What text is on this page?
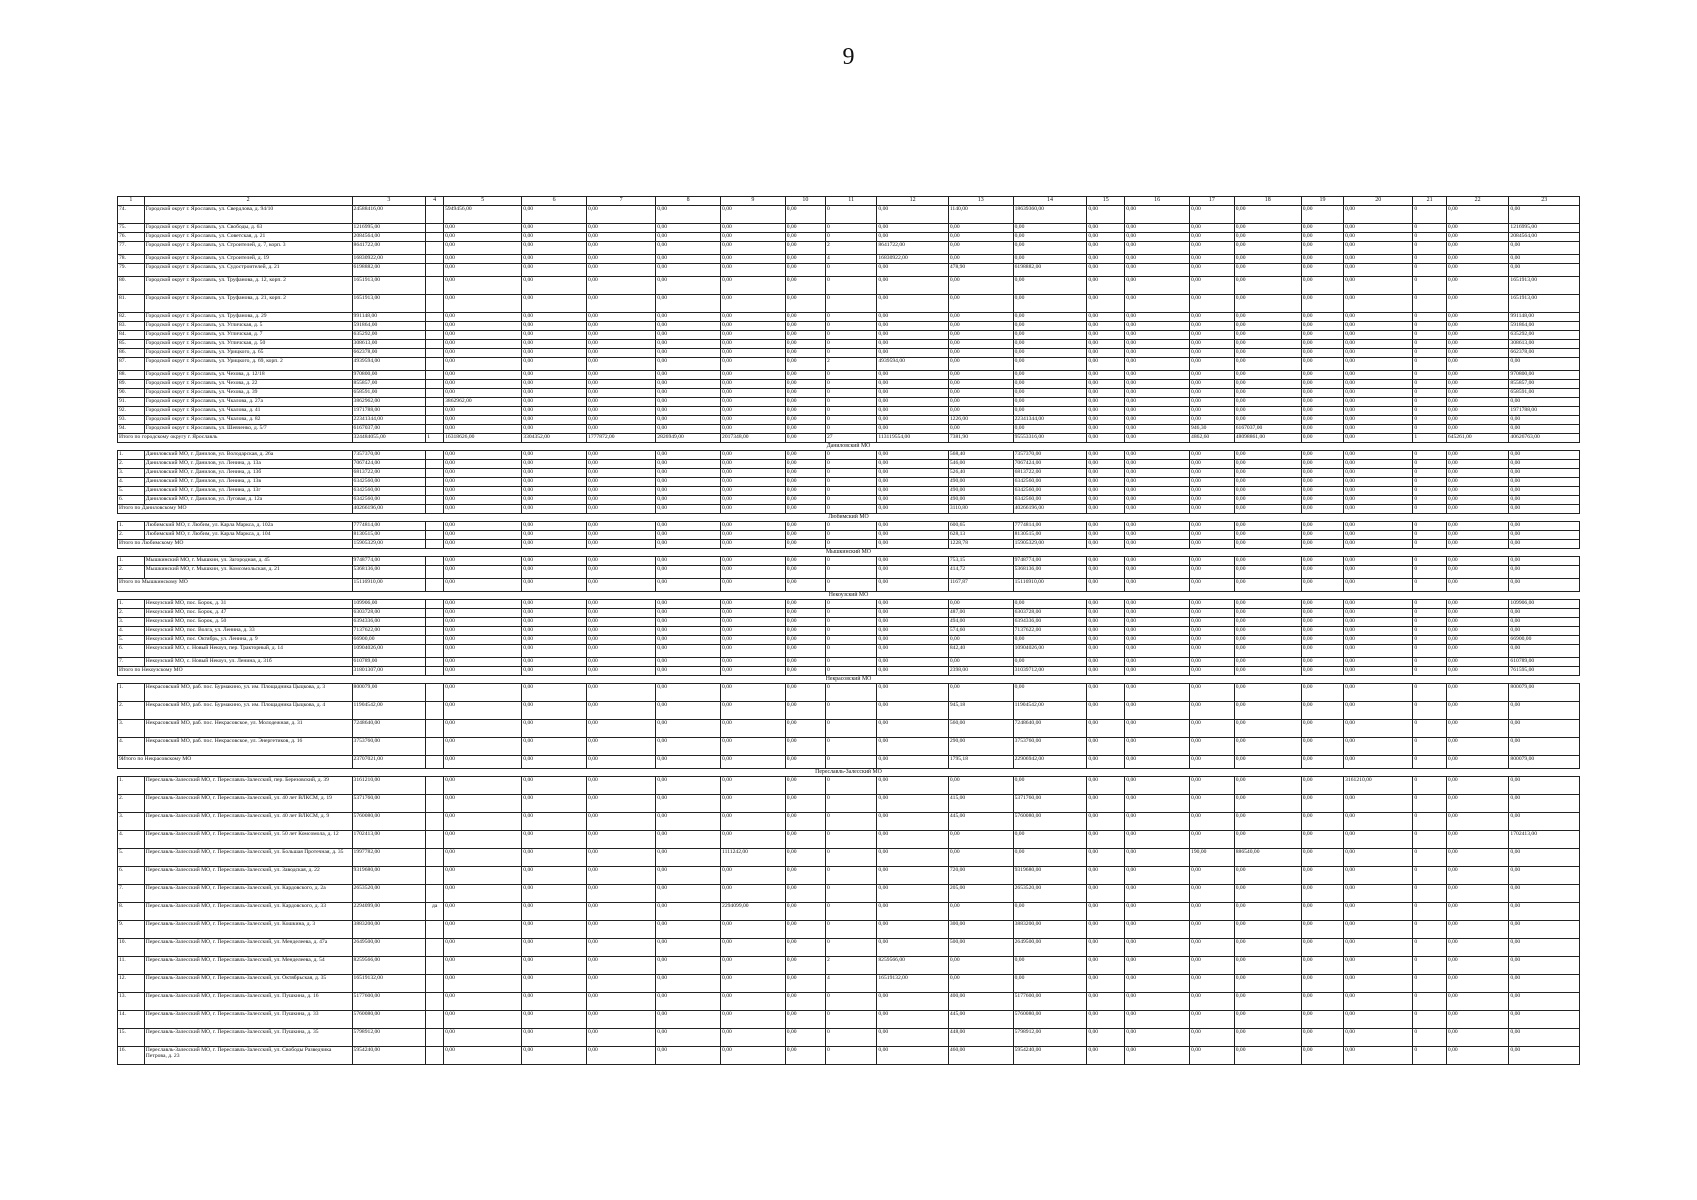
9
1	2	3	4	5	6	7	8	9	10	11	12	13	14	15	16	17	18	19	20	21	22	23
74.	Городской округ г. Ярославль, ул. Свердлова, д. 94/10	24588416,00		5949456,00	0,00	0,00	0,00	0,00	0,00	0	0,00	1140,00	18639360,00	0,00	0,00	0,00	0,00	0,00	0,00	0	0,00	0,00
75.	Городской округ г. Ярославль, ул. Свободы, д. 63	1216995,00		0,00	0,00	0,00	0,00	0,00	0,00	0	0,00	0,00	0,00	0,00	0,00	0,00	0,00	0,00	0,00	0	0,00	1216995,00
76.	Городской округ г. Ярославль, ул. Советская, д. 21	2084564,00		0,00	0,00	0,00	0,00	0,00	0,00	0	0,00	0,00	0,00	0,00	0,00	0,00	0,00	0,00	0,00	0	0,00	2084564,00
77.	Городской округ г. Ярославль, ул. Строителей, д. 7, корп. 3	8641722,00		0,00	0,00	0,00	0,00	0,00	0,00	2	8641722,00	0,00	0,00	0,00	0,00	0,00	0,00	0,00	0,00	0	0,00	0,00
78.	Городской округ г. Ярославль, ул. Строителей, д. 19	16830922,00		0,00	0,00	0,00	0,00	0,00	0,00	4	16830922,00	0,00	0,00	0,00	0,00	0,00	0,00	0,00	0,00	0	0,00	0,00
79.	Городской округ г. Ярославль, ул. Судостроителей, д. 21	6198882,00		0,00	0,00	0,00	0,00	0,00	0,00	0	0,00	478,90	6198882,00	0,00	0,00	0,00	0,00	0,00	0,00	0	0,00	0,00
80.	Городской округ г. Ярославль, ул. Труфанова, д. 12, корп. 2	1651913,00		0,00	0,00	0,00	0,00	0,00	0,00	0	0,00	0,00	0,00	0,00	0,00	0,00	0,00	0,00	0,00	0	0,00	1651913,00
81.	Городской округ г. Ярославль, ул. Труфанова, д. 21, корп. 2	1651913,00		0,00	0,00	0,00	0,00	0,00	0,00	0	0,00	0,00	0,00	0,00	0,00	0,00	0,00	0,00	0,00	0	0,00	1651913,00
82.	Городской округ г. Ярославль, ул. Труфанова, д. 29	991148,00		0,00	0,00	0,00	0,00	0,00	0,00	0	0,00	0,00	0,00	0,00	0,00	0,00	0,00	0,00	0,00	0	0,00	991148,00
83.	Городской округ г. Ярославль, ул. Угличская, д. 5	591864,00		0,00	0,00	0,00	0,00	0,00	0,00	0	0,00	0,00	0,00	0,00	0,00	0,00	0,00	0,00	0,00	0	0,00	591864,00
84.	Городской округ г. Ярославль, ул. Угличская, д. 7	635292,00		0,00	0,00	0,00	0,00	0,00	0,00	0	0,00	0,00	0,00	0,00	0,00	0,00	0,00	0,00	0,00	0	0,00	635292,00
85.	Городской округ г. Ярославль, ул. Угличская, д. 50	308613,00		0,00	0,00	0,00	0,00	0,00	0,00	0	0,00	0,00	0,00	0,00	0,00	0,00	0,00	0,00	0,00	0	0,00	308613,00
86.	Городской округ г. Ярославль, ул. Урицкого, д. 65	662378,00		0,00	0,00	0,00	0,00	0,00	0,00	0	0,00	0,00	0,00	0,00	0,00	0,00	0,00	0,00	0,00	0	0,00	662378,00
87.	Городской округ г. Ярославль, ул. Урицкого, д. 69, корп. 2	4939594,00		0,00	0,00	0,00	0,00	0,00	0,00	2	4939594,00	0,00	0,00	0,00	0,00	0,00	0,00	0,00	0,00	0	0,00	0,00
88.	Городской округ г. Ярославль, ул. Чехова, д. 12/18	970800,00		0,00	0,00	0,00	0,00	0,00	0,00	0	0,00	0,00	0,00	0,00	0,00	0,00	0,00	0,00	0,00	0	0,00	970800,00
89.	Городской округ г. Ярославль, ул. Чехова, д. 22	855857,00		0,00	0,00	0,00	0,00	0,00	0,00	0	0,00	0,00	0,00	0,00	0,00	0,00	0,00	0,00	0,00	0	0,00	855857,00
90.	Городской округ г. Ярославль, ул. Чехова, д. 39	658591,00		0,00	0,00	0,00	0,00	0,00	0,00	0	0,00	0,00	0,00	0,00	0,00	0,00	0,00	0,00	0,00	0	0,00	658591,00
91.	Городской округ г. Ярославль, ул. Чкалова, д. 27а	3862962,00		3862962,00	0,00	0,00	0,00	0,00	0,00	0	0,00	0,00	0,00	0,00	0,00	0,00	0,00	0,00	0,00	0	0,00	0,00
92.	Городской округ г. Ярославль, ул. Чкалова, д. 41	1971788,00		0,00	0,00	0,00	0,00	0,00	0,00	0	0,00	0,00	0,00	0,00	0,00	0,00	0,00	0,00	0,00	0	0,00	1971788,00
93.	Городской округ г. Ярославль, ул. Чкалова, д. 82	22341344,00		0,00	0,00	0,00	0,00	0,00	0,00	0	0,00	1226,00	22341344,00	0,00	0,00	0,00	0,00	0,00	0,00	0	0,00	0,00
94.	Городской округ г. Ярославль, ул. Шевченко, д. 5/7	6167037,00		0,00	0,00	0,00	0,00	0,00	0,00	0	0,00	0,00	0,00	0,00	0,00	946,30	6167037,00	0,00	0,00	0	0,00	0,00
Итого по городскому округу г. Ярославль		324484055,00	1	16318626,00	3304352,00	1777872,00	2826949,00	2017348,00	0,00	27	113119554,00	7381,90	95553316,00	0,00	0,00	4862,60	48098861,00	0,00	0,00	1	645261,00	40626763,00
Даниловский МО																						
1.	Даниловский МО, г. Данилов, ул. Володарская, д. 26а	7357370,00		0,00	0,00	0,00	0,00	0,00	0,00	0	0,00	568,40	7357370,00	0,00	0,00	0,00	0,00	0,00	0,00	0	0,00	0,00
2.	Даниловский МО, г. Данилов, ул. Ленина, д. 13а	7067424,00		0,00	0,00	0,00	0,00	0,00	0,00	0	0,00	546,00	7067424,00	0,00	0,00	0,00	0,00	0,00	0,00	0	0,00	0,00
3.	Даниловский МО, г. Данилов, ул. Ленина, д. 13б	6813722,00		0,00	0,00	0,00	0,00	0,00	0,00	0	0,00	526,40	6813722,00	0,00	0,00	0,00	0,00	0,00	0,00	0	0,00	0,00
4.	Даниловский МО, г. Данилов, ул. Ленина, д. 13в	6342560,00		0,00	0,00	0,00	0,00	0,00	0,00	0	0,00	490,00	6342560,00	0,00	0,00	0,00	0,00	0,00	0,00	0	0,00	0,00
5.	Даниловский МО, г. Данилов, ул. Ленина, д. 13г	6342560,00		0,00	0,00	0,00	0,00	0,00	0,00	0	0,00	490,00	6342560,00	0,00	0,00	0,00	0,00	0,00	0,00	0	0,00	0,00
6.	Даниловский МО, г. Данилов, ул. Луговая, д. 12а	6342560,00		0,00	0,00	0,00	0,00	0,00	0,00	0	0,00	490,00	6342560,00	0,00	0,00	0,00	0,00	0,00	0,00	0	0,00	0,00
Итого по Даниловскому МО		40266196,00		0,00	0,00	0,00	0,00	0,00	0,00	0	0,00	3110,80	40266196,00	0,00	0,00	0,00	0,00	0,00	0,00	0	0,00	0,00
Любимский МО																						
1.	Любимский МО, г. Любим, ул. Карла Маркса, д. 102а	7774814,00		0,00	0,00	0,00	0,00	0,00	0,00	0	0,00	600,65	7774814,00	0,00	0,00	0,00	0,00	0,00	0,00	0	0,00	0,00
2.	Любимский МО, г. Любим, ул. Карла Маркса, д. 104	8130515,00		0,00	0,00	0,00	0,00	0,00	0,00	0	0,00	628,13	8130515,00	0,00	0,00	0,00	0,00	0,00	0,00	0	0,00	0,00
Итого по Любимскому МО		15905329,00		0,00	0,00	0,00	0,00	0,00	0,00	0	0,00	1228,78	15905329,00	0,00	0,00	0,00	0,00	0,00	0,00	0	0,00	0,00
Мышкинский МО																						
1.	Мышкинский МО, г. Мышкин, ул. Загородная, д. 45	9748774,00		0,00	0,00	0,00	0,00	0,00	0,00	0	0,00	753,15	9748774,00	0,00	0,00	0,00	0,00	0,00	0,00	0	0,00	0,00
2.	Мышкинский МО, г. Мышкин, ул. Комсомольская, д. 21	5368136,00		0,00	0,00	0,00	0,00	0,00	0,00	0	0,00	414,72	5368136,00	0,00	0,00	0,00	0,00	0,00	0,00	0	0,00	0,00
Итого по Мышкинскому МО		15116910,00		0,00	0,00	0,00	0,00	0,00	0,00	0	0,00	1167,87	15116910,00	0,00	0,00	0,00	0,00	0,00	0,00	0	0,00	0,00
Некоузский МО																						
1.	Некоузский МО, пос. Борок, д. 31	109906,00		0,00	0,00	0,00	0,00	0,00	0,00	0	0,00	0,00	0,00	0,00	0,00	0,00	0,00	0,00	0,00	0	0,00	109906,00
2.	Некоузский МО, пос. Борок, д. 47	6303728,00		0,00	0,00	0,00	0,00	0,00	0,00	0	0,00	487,00	6303728,00	0,00	0,00	0,00	0,00	0,00	0,00	0	0,00	0,00
3.	Некоузский МО, пос. Борок, д. 50	6394336,00		0,00	0,00	0,00	0,00	0,00	0,00	0	0,00	494,00	6394336,00	0,00	0,00	0,00	0,00	0,00	0,00	0	0,00	0,00
4.	Некоузский МО, пос. Волга, ул. Ленина, д. 33	7137622,00		0,00	0,00	0,00	0,00	0,00	0,00	0	0,00	574,60	7137622,00	0,00	0,00	0,00	0,00	0,00	0,00	0	0,00	0,00
5.	Некоузский МО, пос. Октябрь, ул. Ленина, д. 9	66900,00		0,00	0,00	0,00	0,00	0,00	0,00	0	0,00	0,00	0,00	0,00	0,00	0,00	0,00	0,00	0,00	0	0,00	66900,00
6.	Некоузский МО, с. Новый Некоуз, пер. Тракторный, д. 14	10904026,00		0,00	0,00	0,00	0,00	0,00	0,00	0	0,00	842,40	10904026,00	0,00	0,00	0,00	0,00	0,00	0,00	0	0,00	0,00
7.	Некоузский МО, с. Новый Некоуз, ул. Ленина, д. 31б	610789,00		0,00	0,00	0,00	0,00	0,00	0,00	0	0,00	0,00	0,00	0,00	0,00	0,00	0,00	0,00	0,00	0	0,00	610789,00
Итого по Некоузскому МО		31801307,00		0,00	0,00	0,00	0,00	0,00	0,00	0	0,00	2398,00	31039712,00	0,00	0,00	0,00	0,00	0,00	0,00	0	0,00	761595,00
Некрасовский МО																						
1.	Некрасовский МО, раб. пос. Бурмакино, ул. им. Площадника Цыцкова, д. 3	800079,00		0,00	0,00	0,00	0,00	0,00	0,00	0	0,00	0,00	0,00	0,00	0,00	0,00	0,00	0,00	0,00	0	0,00	800079,00
2.	Некрасовский МО, раб. пос. Бурмакино, ул. им. Площадника Цыцкова, д. 4	11904542,00		0,00	0,00	0,00	0,00	0,00	0,00	0	0,00	945,18	11904542,00	0,00	0,00	0,00	0,00	0,00	0,00	0	0,00	0,00
3.	Некрасовский МО, раб. пос. Некрасовское, ул. Молодежная, д. 31	7248640,00		0,00	0,00	0,00	0,00	0,00	0,00	0	0,00	560,00	7248640,00	0,00	0,00	0,00	0,00	0,00	0,00	0	0,00	0,00
4.	Некрасовский МО, раб. пос. Некрасовское, ул. Энергетиков, д. 16	3753760,00		0,00	0,00	0,00	0,00	0,00	0,00	0	0,00	290,00	3753760,00	0,00	0,00	0,00	0,00	0,00	0,00	0	0,00	0,00
9Итого по Некрасовскому МО		23707021,00		0,00	0,00	0,00	0,00	0,00	0,00	0	0,00	1795,18	22906942,00	0,00	0,00	0,00	0,00	0,00	0,00	0	0,00	800079,00
Переславль-Залесский МО																						
1.	Переславль-Залесский МО, г. Переславль-Залесский, пер. Березовский, д. 39	3161210,00		0,00	0,00	0,00	0,00	0,00	0,00	0	0,00	0,00	0,00	0,00	0,00	0,00	0,00	0,00	3161210,00	0	0,00	0,00
2.	Переславль-Залесский МО, г. Переславль-Залесский, ул. 40 лет ВЛКСМ, д. 19	5371760,00		0,00	0,00	0,00	0,00	0,00	0,00	0	0,00	415,00	5371760,00	0,00	0,00	0,00	0,00	0,00	0,00	0	0,00	0,00
3.	Переславль-Залесский МО, г. Переславль-Залесский, ул. 40 лет ВЛКСМ, д. 9	5760080,00		0,00	0,00	0,00	0,00	0,00	0,00	0	0,00	445,00	5760080,00	0,00	0,00	0,00	0,00	0,00	0,00	0	0,00	0,00
4.	Переславль-Залесский МО, г. Переславль-Залесский, ул. 50 лет Комсомола, д. 12	1702413,00		0,00	0,00	0,00	0,00	0,00	0,00	0	0,00	0,00	0,00	0,00	0,00	0,00	0,00	0,00	0,00	0	0,00	1702413,00
5.	Переславль-Залесский МО, г. Переславль-Залесский, ул. Большая Протечная, д. 35	1997782,00		0,00	0,00	0,00	0,00	1111242,00	0,00	0	0,00	0,00	0,00	0,00	0,00	190,00	886540,00	0,00	0,00	0	0,00	0,00
6.	Переславль-Залесский МО, г. Переславль-Залесский, ул. Заводская, д. 22	9319680,00		0,00	0,00	0,00	0,00	0,00	0,00	0	0,00	720,00	9319680,00	0,00	0,00	0,00	0,00	0,00	0,00	0	0,00	0,00
7.	Переславль-Залесский МО, г. Переславль-Залесский, ул. Кардовского, д. 2а	2653520,00		0,00	0,00	0,00	0,00	0,00	0,00	0	0,00	205,00	2653520,00	0,00	0,00	0,00	0,00	0,00	0,00	0	0,00	0,00
8.	Переславль-Залесский МО, г. Переславль-Залесский, ул. Кардовского, д. 33	2294099,00	да	0,00	0,00	0,00	0,00	2294099,00	0,00	0	0,00	0,00	0,00	0,00	0,00	0,00	0,00	0,00	0,00	0	0,00	0,00
9.	Переславль-Залесский МО, г. Переславль-Залесский, ул. Кошкина, д. 3	3883200,00		0,00	0,00	0,00	0,00	0,00	0,00	0	0,00	300,00	3883200,00	0,00	0,00	0,00	0,00	0,00	0,00	0	0,00	0,00
10.	Переславль-Залесский МО, г. Переславль-Залесский, ул. Менделеева, д. 47а	2649500,00		0,00	0,00	0,00	0,00	0,00	0,00	0	0,00	500,00	2649500,00	0,00	0,00	0,00	0,00	0,00	0,00	0	0,00	0,00
11.	Переславль-Залесский МО, г. Переславль-Залесский, ул. Менделеева, д. 54	8259566,00		0,00	0,00	0,00	0,00	0,00	0,00	2	8259566,00	0,00	0,00	0,00	0,00	0,00	0,00	0,00	0,00	0	0,00	0,00
12.	Переславль-Залесский МО, г. Переславль-Залесский, ул. Октябрьская, д. 35	16519132,00		0,00	0,00	0,00	0,00	0,00	0,00	4	16519132,00	0,00	0,00	0,00	0,00	0,00	0,00	0,00	0,00	0	0,00	0,00
13.	Переславль-Залесский МО, г. Переславль-Залесский, ул. Пушкина, д. 16	5177600,00		0,00	0,00	0,00	0,00	0,00	0,00	0	0,00	400,00	5177600,00	0,00	0,00	0,00	0,00	0,00	0,00	0	0,00	0,00
14.	Переславль-Залесский МО, г. Переславль-Залесский, ул. Пушкина, д. 33	5760080,00		0,00	0,00	0,00	0,00	0,00	0,00	0	0,00	445,00	5760080,00	0,00	0,00	0,00	0,00	0,00	0,00	0	0,00	0,00
15.	Переславль-Залесский МО, г. Переславль-Залесский, ул. Пушкина, д. 35	5798912,00		0,00	0,00	0,00	0,00	0,00	0,00	0	0,00	448,00	5798912,00	0,00	0,00	0,00	0,00	0,00	0,00	0	0,00	0,00
16.	Переславль-Залесский МО, г. Переславль-Залесский, ул. Свободы Разведчика Петрова, д. 23	5954240,00		0,00	0,00	0,00	0,00	0,00	0,00	0	0,00	460,00	5954240,00	0,00	0,00	0,00	0,00	0,00	0,00	0	0,00	0,00
